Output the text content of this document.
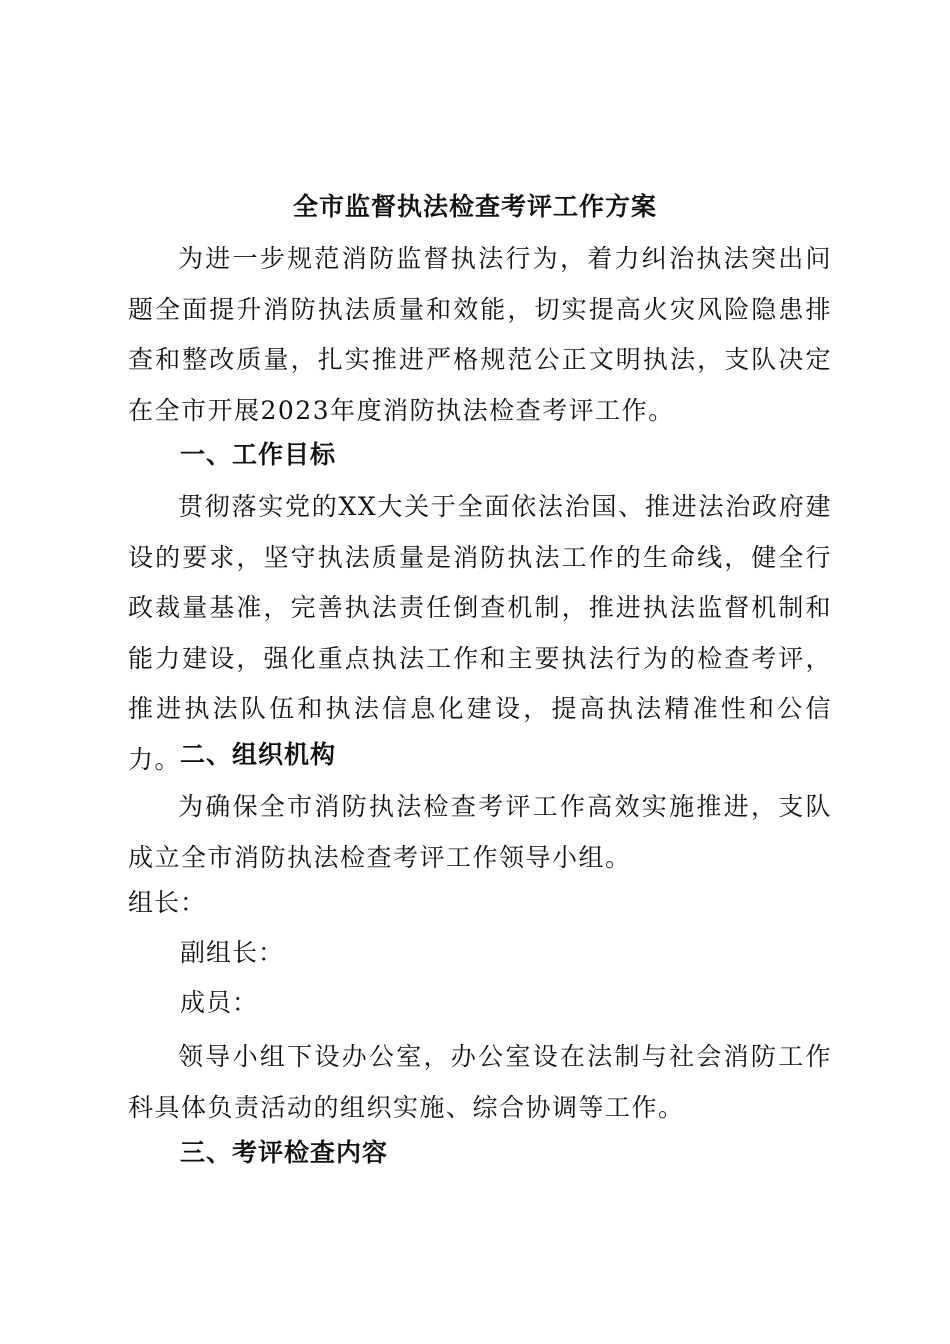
全市监督执法检查考评工作方案

为进一步规范消防监督执法行为，着力纠治执法突出问题全面提升消防执法质量和效能，切实提高火灾风险隐患排查和整改质量，扎实推进严格规范公正文明执法，支队决定在全市开展2023年度消防执法检查考评工作。

一、工作目标

贯彻落实党的XX大关于全面依法治国、推进法治政府建设的要求，坚守执法质量是消防执法工作的生命线，健全行政裁量基准，完善执法责任倒查机制，推进执法监督机制和能力建设，强化重点执法工作和主要执法行为的检查考评，推进执法队伍和执法信息化建设，提高执法精准性和公信力。

二、组织机构

为确保全市消防执法检查考评工作高效实施推进，支队成立全市消防执法检查考评工作领导小组。

组长：

副组长：

成员：

领导小组下设办公室，办公室设在法制与社会消防工作科具体负责活动的组织实施、综合协调等工作。

三、考评检查内容
